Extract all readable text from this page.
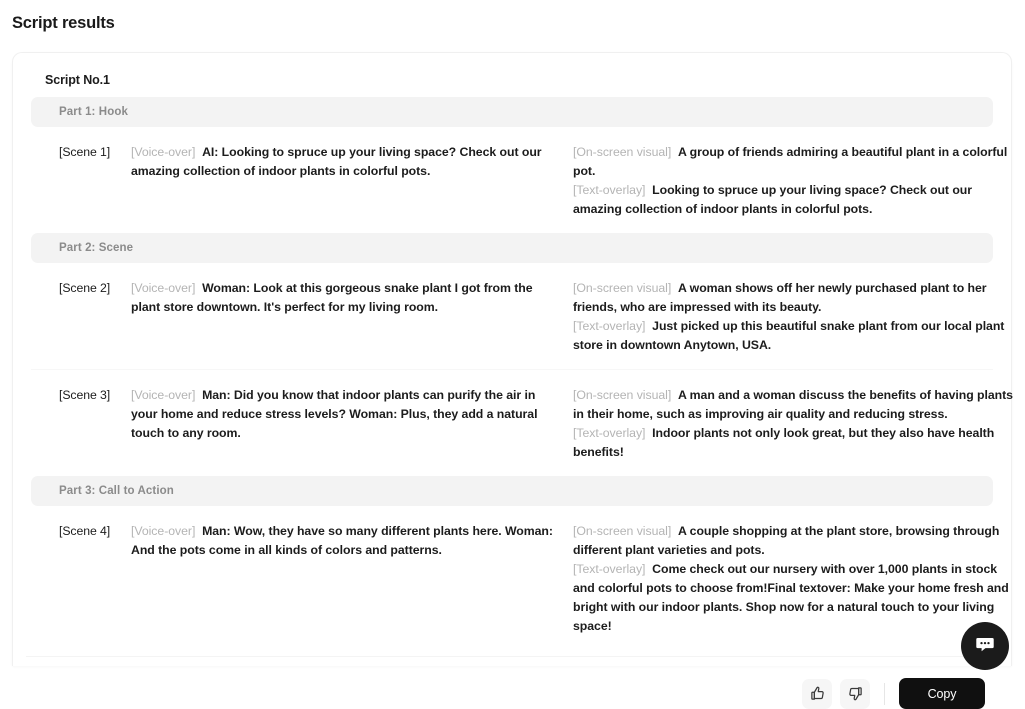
Script results
Script No.1
Part 1: Hook
[Scene 1]	[Voice-over] AI: Looking to spruce up your living space? Check out our amazing collection of indoor plants in colorful pots.

[On-screen visual] A group of friends admiring a beautiful plant in a colorful pot.

[Text-overlay] Looking to spruce up your living space? Check out our amazing collection of indoor plants in colorful pots.

Part 2: Scene
[Scene 2]	[Voice-over] Woman: Look at this gorgeous snake plant I got from the plant store downtown. It's perfect for my living room.

[On-screen visual] A woman shows off her newly purchased plant to her friends, who are impressed with its beauty.

[Text-overlay] Just picked up this beautiful snake plant from our local plant store in downtown Anytown, USA.

[Scene 3]	[Voice-over] Man: Did you know that indoor plants can purify the air in your home and reduce stress levels? Woman: Plus, they add a natural touch to any room.

[On-screen visual] A man and a woman discuss the benefits of having plants in their home, such as improving air quality and reducing stress.

[Text-overlay] Indoor plants not only look great, but they also have health benefits!

Part 3: Call to Action
[Scene 4]	[Voice-over] Man: Wow, they have so many different plants here. Woman: And the pots come in all kinds of colors and patterns.

[On-screen visual] A couple shopping at the plant store, browsing through different plant varieties and pots.

[Text-overlay] Come check out our nursery with over 1,000 plants in stock and colorful pots to choose from!Final textover: Make your home fresh and bright with our indoor plants. Shop now for a natural touch to your living space!

Copy
